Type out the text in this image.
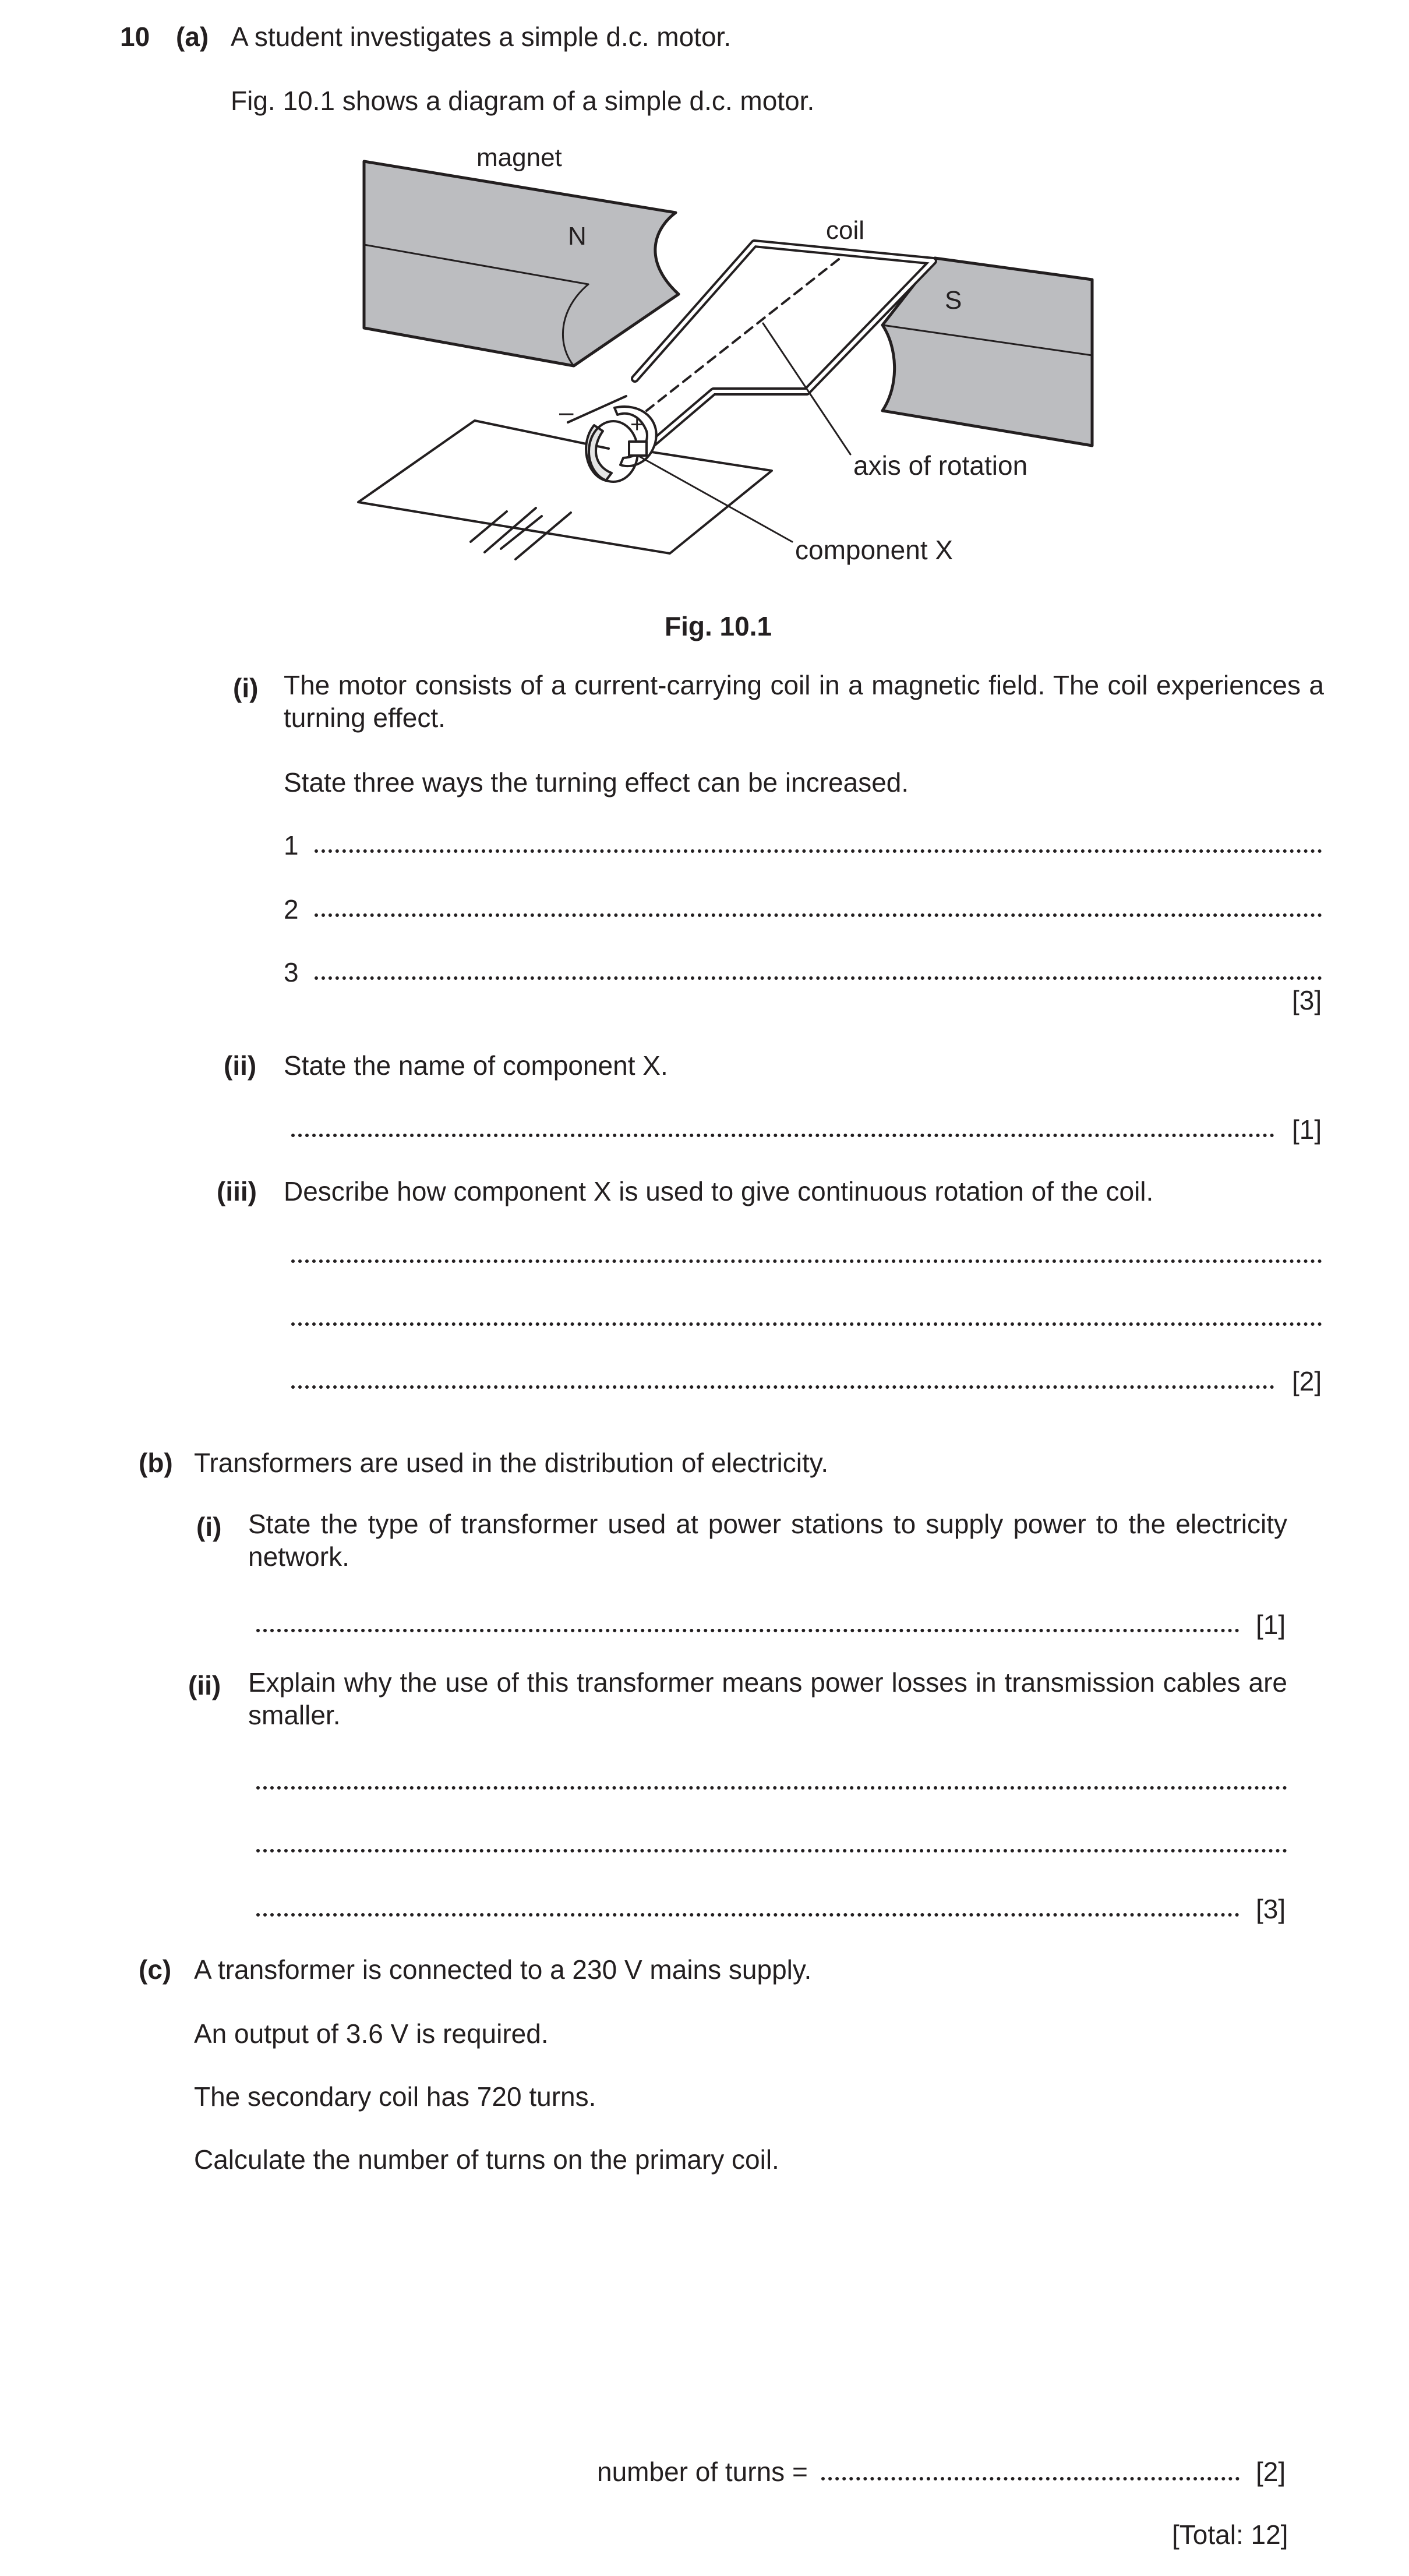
10 (a) A student investigates a simple d.c. motor.
Fig. 10.1 shows a diagram of a simple d.c. motor.
magnet
N	coil
S
– +
axis of rotation
component X
Fig. 10.1
(i) The motor consists of a current-carrying coil in a magnetic field. The coil experiences a turning effect.
State three ways the turning effect can be increased.
1
2
3
[3]
(ii) State the name of component X.
[1]
(iii) Describe how component X is used to give continuous rotation of the coil.
[2]
(b) Transformers are used in the distribution of electricity.
(i) State the type of transformer used at power stations to supply power to the electricity network.
[1]
(ii) Explain why the use of this transformer means power losses in transmission cables are smaller.
[3]
(c) A transformer is connected to a 230 V mains supply.
An output of 3.6 V is required.
The secondary coil has 720 turns.
Calculate the number of turns on the primary coil.
number of turns =	[2]
[Total: 12]
